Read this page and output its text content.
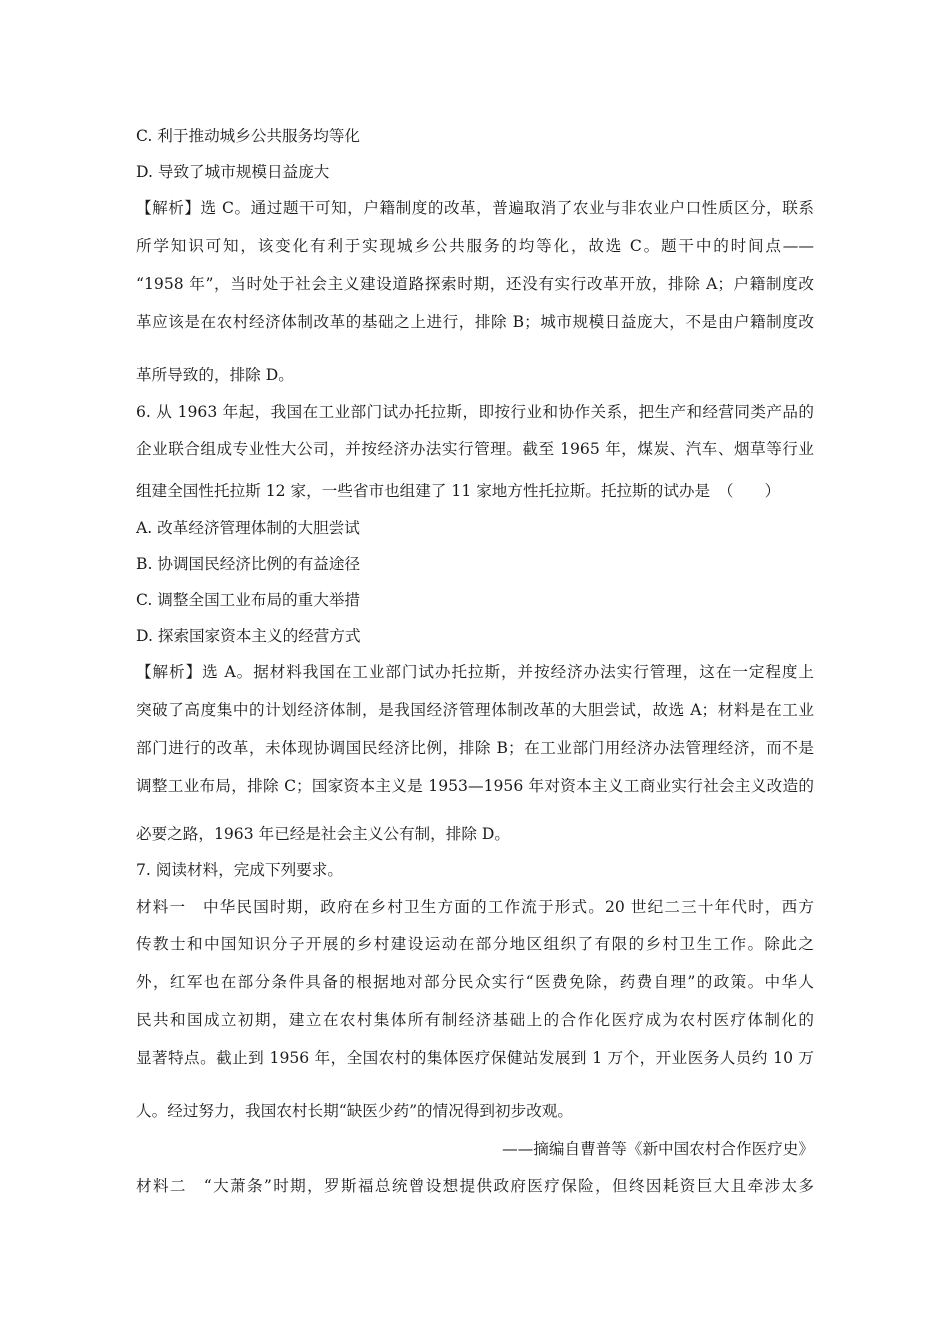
C. 利于推动城乡公共服务均等化
D. 导致了城市规模日益庞大
【解析】选 C。通过题干可知，户籍制度的改革，普遍取消了农业与非农业户口性质区分，联系
所学知识可知，该变化有利于实现城乡公共服务的均等化，故选 C。题干中的时间点——
“1958 年”，当时处于社会主义建设道路探索时期，还没有实行改革开放，排除 A；户籍制度改
革应该是在农村经济体制改革的基础之上进行，排除 B；城市规模日益庞大，不是由户籍制度改
革所导致的，排除 D。
6. 从 1963 年起，我国在工业部门试办托拉斯，即按行业和协作关系，把生产和经营同类产品的
企业联合组成专业性大公司，并按经济办法实行管理。截至 1965 年，煤炭、汽车、烟草等行业
组建全国性托拉斯 12 家，一些省市也组建了 11 家地方性托拉斯。托拉斯的试办是　（　　）
A. 改革经济管理体制的大胆尝试
B. 协调国民经济比例的有益途径
C. 调整全国工业布局的重大举措
D. 探索国家资本主义的经营方式
【解析】选 A。据材料我国在工业部门试办托拉斯，并按经济办法实行管理，这在一定程度上
突破了高度集中的计划经济体制，是我国经济管理体制改革的大胆尝试，故选 A；材料是在工业
部门进行的改革，未体现协调国民经济比例，排除 B；在工业部门用经济办法管理经济，而不是
调整工业布局，排除 C；国家资本主义是 1953—1956 年对资本主义工商业实行社会主义改造的
必要之路，1963 年已经是社会主义公有制，排除 D。
7. 阅读材料，完成下列要求。
材料一　中华民国时期，政府在乡村卫生方面的工作流于形式。20 世纪二三十年代时，西方
传教士和中国知识分子开展的乡村建设运动在部分地区组织了有限的乡村卫生工作。除此之
外，红军也在部分条件具备的根据地对部分民众实行“医费免除，药费自理”的政策。中华人
民共和国成立初期，建立在农村集体所有制经济基础上的合作化医疗成为农村医疗体制化的
显著特点。截止到 1956 年，全国农村的集体医疗保健站发展到 1 万个，开业医务人员约 10 万
人。经过努力，我国农村长期“缺医少药”的情况得到初步改观。
——摘编自曹普等《新中国农村合作医疗史》
材料二　“大萧条”时期，罗斯福总统曾设想提供政府医疗保险，但终因耗资巨大且牵涉太多
